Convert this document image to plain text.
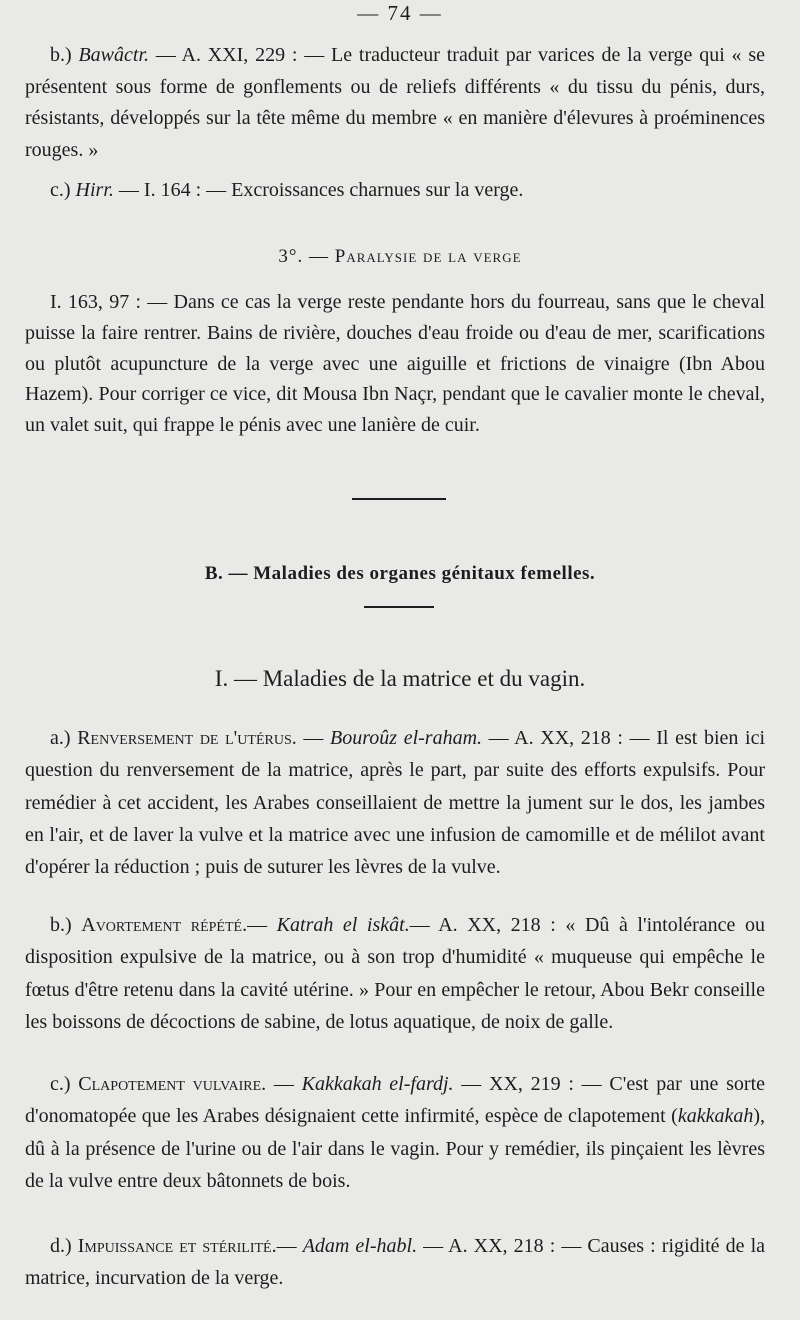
— 74 —

b.) Bawâctr. — A. XXI, 229 : — Le traducteur traduit par varices de la verge qui « se présentent sous forme de gonflements ou de reliefs différents « du tissu du pénis, durs, résistants, développés sur la tête même du membre « en manière d'élevures à proéminences rouges. »

c.) Hirr. — I. 164 : — Excroissances charnues sur la verge.

3°. — Paralysie de la verge

I. 163, 97 : — Dans ce cas la verge reste pendante hors du fourreau, sans que le cheval puisse la faire rentrer. Bains de rivière, douches d'eau froide ou d'eau de mer, scarifications ou plutôt acupuncture de la verge avec une aiguille et frictions de vinaigre (Ibn Abou Hazem). Pour corriger ce vice, dit Mousa Ibn Naçr, pendant que le cavalier monte le cheval, un valet suit, qui frappe le pénis avec une lanière de cuir.

B. — Maladies des organes génitaux femelles.
I. — Maladies de la matrice et du vagin.

a.) Renversement de l'utérus. — Bouroûz el-raham. — A. XX, 218 : — Il est bien ici question du renversement de la matrice, après le part, par suite des efforts expulsifs. Pour remédier à cet accident, les Arabes conseillaient de mettre la jument sur le dos, les jambes en l'air, et de laver la vulve et la matrice avec une infusion de camomille et de mélilot avant d'opérer la réduction ; puis de suturer les lèvres de la vulve.

b.) Avortement répété.— Katrah el iskât.— A. XX, 218 : « Dû à l'intolérance ou disposition expulsive de la matrice, ou à son trop d'humidité « muqueuse qui empêche le fœtus d'être retenu dans la cavité utérine. » Pour en empêcher le retour, Abou Bekr conseille les boissons de décoctions de sabine, de lotus aquatique, de noix de galle.

c.) Clapotement vulvaire. — Kakkakah el-fardj. — XX, 219 : — C'est par une sorte d'onomatopée que les Arabes désignaient cette infirmité, espèce de clapotement (kakkakah), dû à la présence de l'urine ou de l'air dans le vagin. Pour y remédier, ils pinçaient les lèvres de la vulve entre deux bâtonnets de bois.

d.) Impuissance et stérilité.— Adam el-habl. — A. XX, 218 : — Causes : rigidité de la matrice, incurvation de la verge.
